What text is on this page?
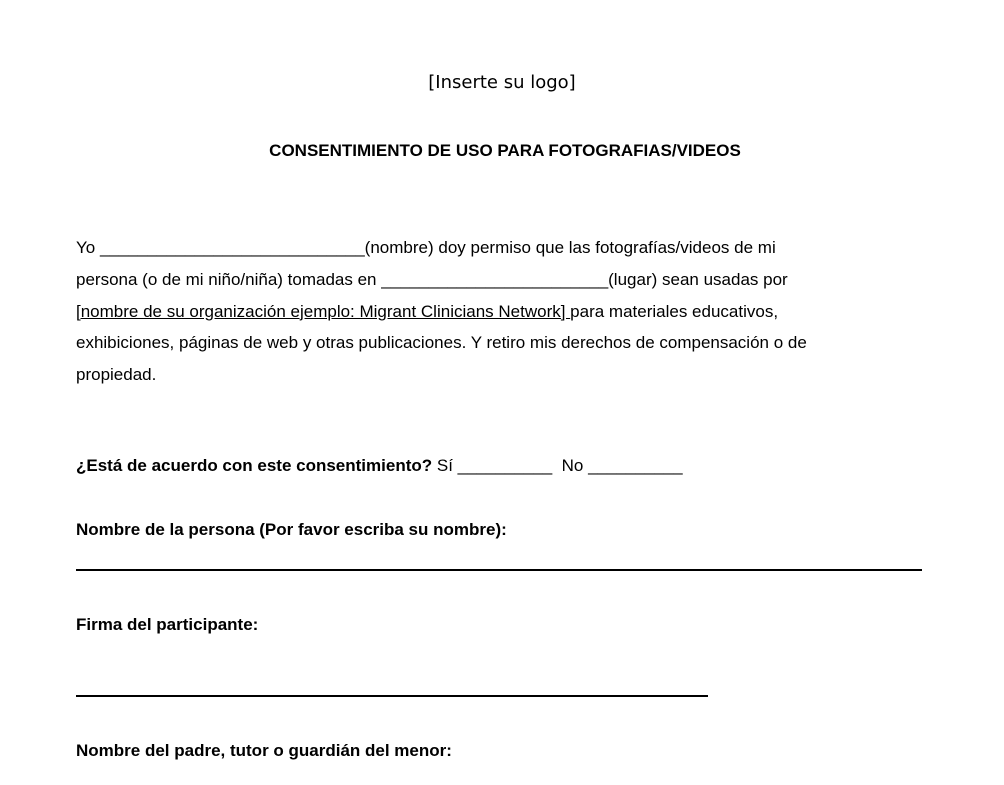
[Inserte su logo]
CONSENTIMIENTO DE USO PARA FOTOGRAFIAS/VIDEOS
Yo ____________________________(nombre) doy permiso que las fotografías/videos de mi
persona (o de mi niño/niña) tomadas en ________________________(lugar) sean usadas por
[nombre de su organización ejemplo: Migrant Clinicians Network] para materiales educativos,
exhibiciones, páginas de web y otras publicaciones. Y retiro mis derechos de compensación o de
propiedad.
¿Está de acuerdo con este consentimiento? Sí __________  No __________
Nombre de la persona (Por favor escriba su nombre):
Firma del participante:
Nombre del padre, tutor o guardián del menor:
